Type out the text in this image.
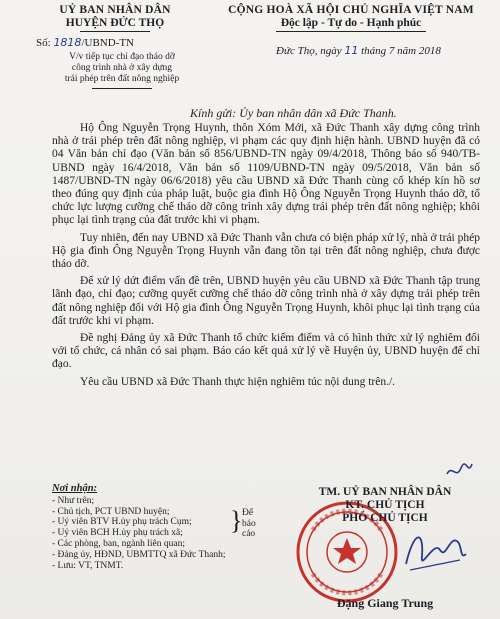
UỶ BAN NHÂN DÂN
HUYỆN ĐỨC THỌ
CỘNG HOÀ XÃ HỘI CHỦ NGHĨA VIỆT NAM
Độc lập - Tự do - Hạnh phúc
Số: 1818/UBND-TN
Đức Thọ, ngày 11 tháng 7 năm 2018
V/v tiếp tục chỉ đạo tháo dỡ
công trình nhà ở xây dựng
trái phép trên đất nông nghiệp
Kính gửi: Ủy ban nhân dân xã Đức Thanh.

Hộ Ông Nguyễn Trọng Huynh, thôn Xóm Mới, xã Đức Thanh xây dựng công trình nhà ở trái phép trên đất nông nghiệp, vi phạm các quy định hiện hành. UBND huyện đã có 04 Văn bản chỉ đạo (Văn bản số 856/UBND-TN ngày 09/4/2018, Thông báo số 940/TB-UBND ngày 16/4/2018, Văn bản số 1109/UBND-TN ngày 09/5/2018, Văn bản số 1487/UBND-TN ngày 06/6/2018) yêu cầu UBND xã Đức Thanh cùng cố khép kín hồ sơ theo đúng quy định của pháp luật, buộc gia đình Hộ Ông Nguyễn Trọng Huynh tháo dỡ, tổ chức lực lượng cưỡng chế tháo dỡ công trình xây dựng trái phép trên đất nông nghiệp; khôi phục lại tình trạng của đất trước khi vi phạm.

Tuy nhiên, đến nay UBND xã Đức Thanh vẫn chưa có biện pháp xử lý, nhà ở trái phép Hộ gia đình Ông Nguyễn Trọng Huynh vẫn đang tồn tại trên đất nông nghiệp, chưa được tháo dỡ.

Để xử lý dứt điểm vấn đề trên, UBND huyện yêu cầu UBND xã Đức Thanh tập trung lãnh đạo, chỉ đạo; cưỡng quyết cưỡng chế tháo dỡ công trình nhà ở xây dựng trái phép trên đất nông nghiệp đối với Hộ gia đình Ông Nguyễn Trọng Huynh, khôi phục lại tình trạng của đất trước khi vi phạm.

Đề nghị Đảng ủy xã Đức Thanh tổ chức kiểm điểm và có hình thức xử lý nghiêm đối với tổ chức, cá nhân có sai phạm. Báo cáo kết quả xử lý về Huyện ủy, UBND huyện để chỉ đạo.

Yêu cầu UBND xã Đức Thanh thực hiện nghiêm túc nội dung trên./.

Nơi nhận:
- Như trên;
- Chủ tịch, PCT UBND huyện;
- Uỷ viên BTV H.ủy phụ trách Cụm;
- Uỷ viên BCH H.ủy phụ trách xã;
- Các phòng, ban, ngành liên quan;
- Đảng ủy, HĐND, UBMTTQ xã Đức Thanh;
- Lưu: VT, TNMT.
} Để
báo
cáo
TM. UỶ BAN NHÂN DÂN
KT. CHỦ TỊCH
PHÓ CHỦ TỊCH
Đặng Giang Trung
